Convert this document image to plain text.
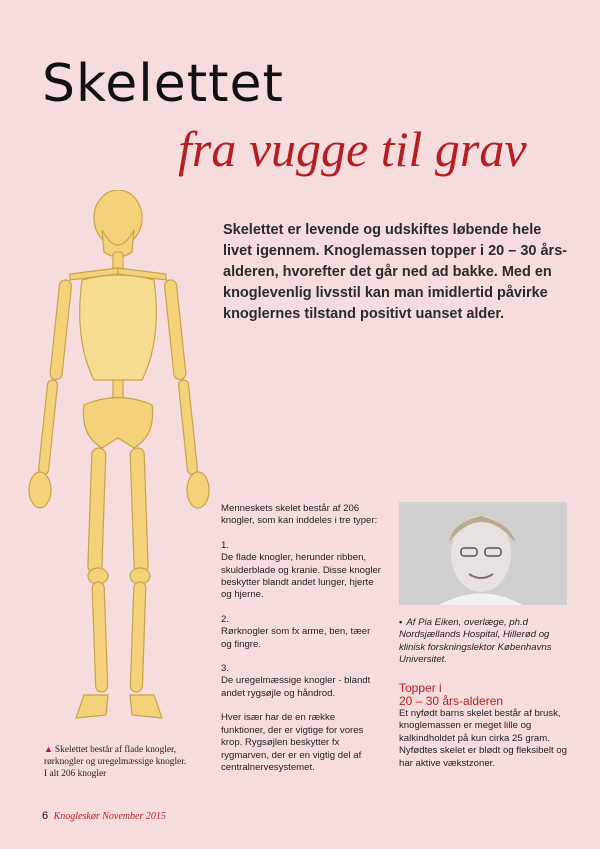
Skelettet
fra vugge til grav

Skelettet er levende og udskiftes løbende hele livet igennem. Knoglemassen topper i 20 – 30 års-alderen, hvorefter det går ned ad bakke. Med en knoglevenlig livsstil kan man imidlertid påvirke knoglernes tilstand positivt uanset alder.

▲ Skelettet består af flade knogler, rørknogler og uregelmæssige knogler. I alt 206 knogler

Menneskets skelet består af 206 knogler, som kan inddeles i tre typer:

1.

De flade knogler, herunder ribben, skulderblade og kranie. Disse knogler beskytter blandt andet lunger, hjerte og hjerne.

2.

Rørknogler som fx arme, ben, tæer og fingre.

3.

De uregelmæssige knogler - blandt andet rygsøjle og håndrod.

Hver især har de en række funktioner, der er vigtige for vores krop. Rygsøjlen beskytter fx rygmarven, der er en vigtig del af centralnervesystemet.

• Af Pia Eiken, overlæge, ph.d Nordsjællands Hospital, Hillerød og klinisk forskningslektor Københavns Universitet.

Topper i
20 – 30 års-alderen

Et nyfødt barns skelet består af brusk, knoglemassen er meget lille og kalkindholdet på kun cirka 25 gram. Nyfødtes skelet er blødt og fleksibelt og har aktive vækstzoner.

6 Knogleskør November 2015
